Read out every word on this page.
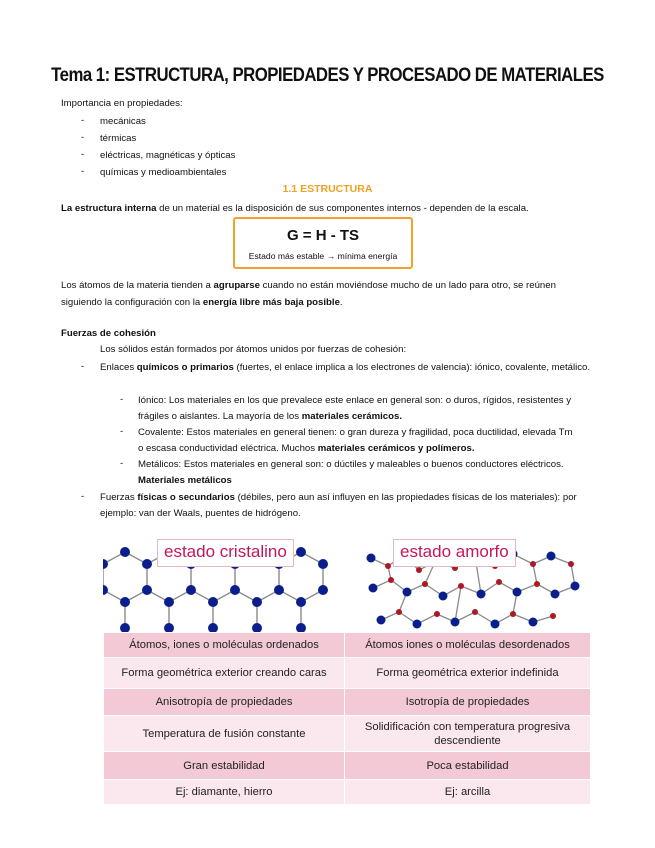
Tema 1: ESTRUCTURA, PROPIEDADES Y PROCESADO DE MATERIALES
Importancia en propiedades:
- mecánicas
- térmicas
- eléctricas, magnéticas y ópticas
- químicas y medioambientales
1.1 ESTRUCTURA
La estructura interna de un material es la disposición de sus componentes internos - dependen de la escala.
G = H - TS
Estado más estable → mínima energía
Los átomos de la materia tienden a agruparse cuando no están moviéndose mucho de un lado para otro, se reúnen siguiendo la configuración con la energía libre más baja posible.
Fuerzas de cohesión
Los sólidos están formados por átomos unidos por fuerzas de cohesión:
- Enlaces químicos o primarios (fuertes, el enlace implica a los electrones de valencia): iónico, covalente, metálico.
- Iónico: Los materiales en los que prevalece este enlace en general son: o duros, rígidos, resistentes y frágiles o aislantes. La mayoría de los materiales cerámicos.
- Covalente: Estos materiales en general tienen: o gran dureza y fragilidad, poca ductilidad, elevada Tm o escasa conductividad eléctrica. Muchos materiales cerámicos y polímeros.
- Metálicos: Estos materiales en general son: o dúctiles y maleables o buenos conductores eléctricos. Materiales metálicos
- Fuerzas físicas o secundarios (débiles, pero aun así influyen en las propiedades físicas de los materiales): por ejemplo: van der Waals, puentes de hidrógeno.
estado cristalino	estado amorfo
Átomos, iones o moléculas ordenados	Átomos iones o moléculas desordenados
Forma geométrica exterior creando caras	Forma geométrica exterior indefinida
Anisotropía de propiedades	Isotropía de propiedades
Temperatura de fusión constante	Solidificación con temperatura progresiva descendiente
Gran estabilidad	Poca estabilidad
Ej: diamante, hierro	Ej: arcilla
